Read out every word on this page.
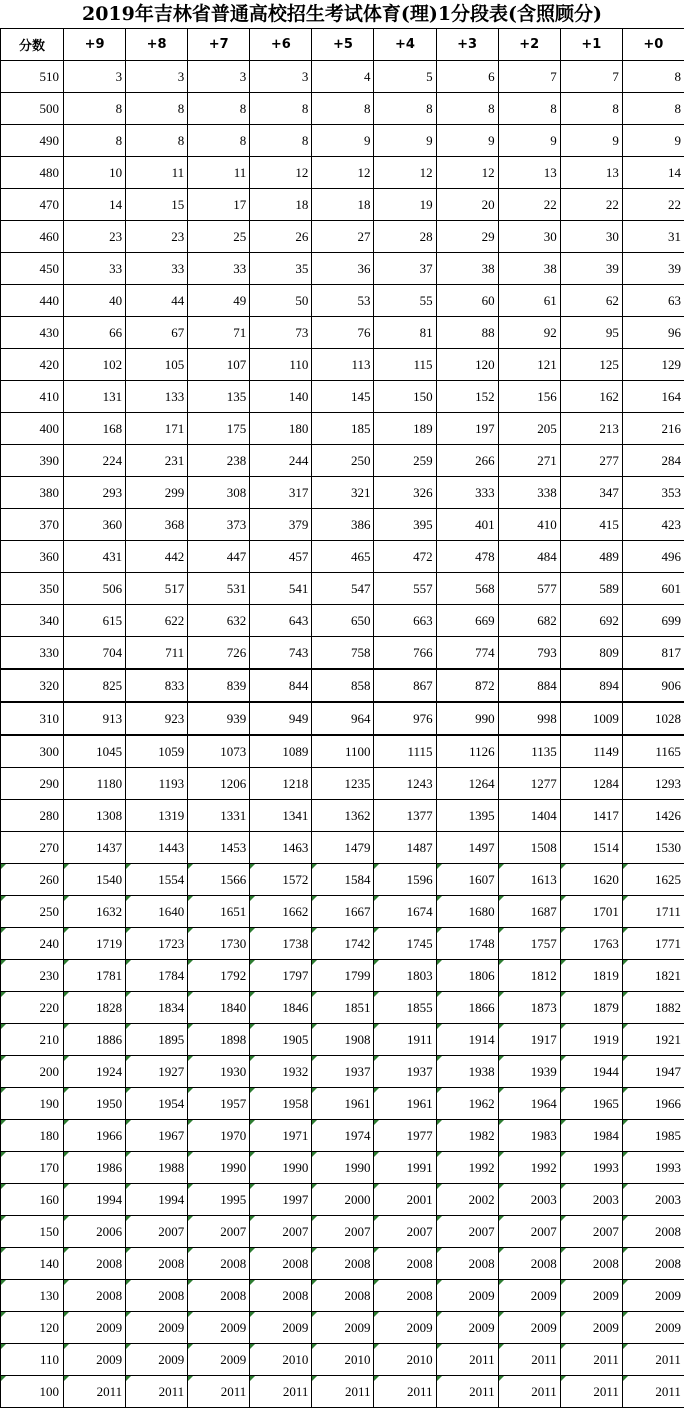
2019年吉林省普通高校招生考试体育(理)1分段表(含照顾分)
分数	+9	+8	+7	+6	+5	+4	+3	+2	+1	+0
510	3	3	3	3	4	5	6	7	7	8
500	8	8	8	8	8	8	8	8	8	8
490	8	8	8	8	9	9	9	9	9	9
480	10	11	11	12	12	12	12	13	13	14
470	14	15	17	18	18	19	20	22	22	22
460	23	23	25	26	27	28	29	30	30	31
450	33	33	33	35	36	37	38	38	39	39
440	40	44	49	50	53	55	60	61	62	63
430	66	67	71	73	76	81	88	92	95	96
420	102	105	107	110	113	115	120	121	125	129
410	131	133	135	140	145	150	152	156	162	164
400	168	171	175	180	185	189	197	205	213	216
390	224	231	238	244	250	259	266	271	277	284
380	293	299	308	317	321	326	333	338	347	353
370	360	368	373	379	386	395	401	410	415	423
360	431	442	447	457	465	472	478	484	489	496
350	506	517	531	541	547	557	568	577	589	601
340	615	622	632	643	650	663	669	682	692	699
330	704	711	726	743	758	766	774	793	809	817
320	825	833	839	844	858	867	872	884	894	906
310	913	923	939	949	964	976	990	998	1009	1028
300	1045	1059	1073	1089	1100	1115	1126	1135	1149	1165
290	1180	1193	1206	1218	1235	1243	1264	1277	1284	1293
280	1308	1319	1331	1341	1362	1377	1395	1404	1417	1426
270	1437	1443	1453	1463	1479	1487	1497	1508	1514	1530
260	1540	1554	1566	1572	1584	1596	1607	1613	1620	1625
250	1632	1640	1651	1662	1667	1674	1680	1687	1701	1711
240	1719	1723	1730	1738	1742	1745	1748	1757	1763	1771
230	1781	1784	1792	1797	1799	1803	1806	1812	1819	1821
220	1828	1834	1840	1846	1851	1855	1866	1873	1879	1882
210	1886	1895	1898	1905	1908	1911	1914	1917	1919	1921
200	1924	1927	1930	1932	1937	1937	1938	1939	1944	1947
190	1950	1954	1957	1958	1961	1961	1962	1964	1965	1966
180	1966	1967	1970	1971	1974	1977	1982	1983	1984	1985
170	1986	1988	1990	1990	1990	1991	1992	1992	1993	1993
160	1994	1994	1995	1997	2000	2001	2002	2003	2003	2003
150	2006	2007	2007	2007	2007	2007	2007	2007	2007	2008
140	2008	2008	2008	2008	2008	2008	2008	2008	2008	2008
130	2008	2008	2008	2008	2008	2008	2009	2009	2009	2009
120	2009	2009	2009	2009	2009	2009	2009	2009	2009	2009
110	2009	2009	2009	2010	2010	2010	2011	2011	2011	2011
100	2011	2011	2011	2011	2011	2011	2011	2011	2011	2011
